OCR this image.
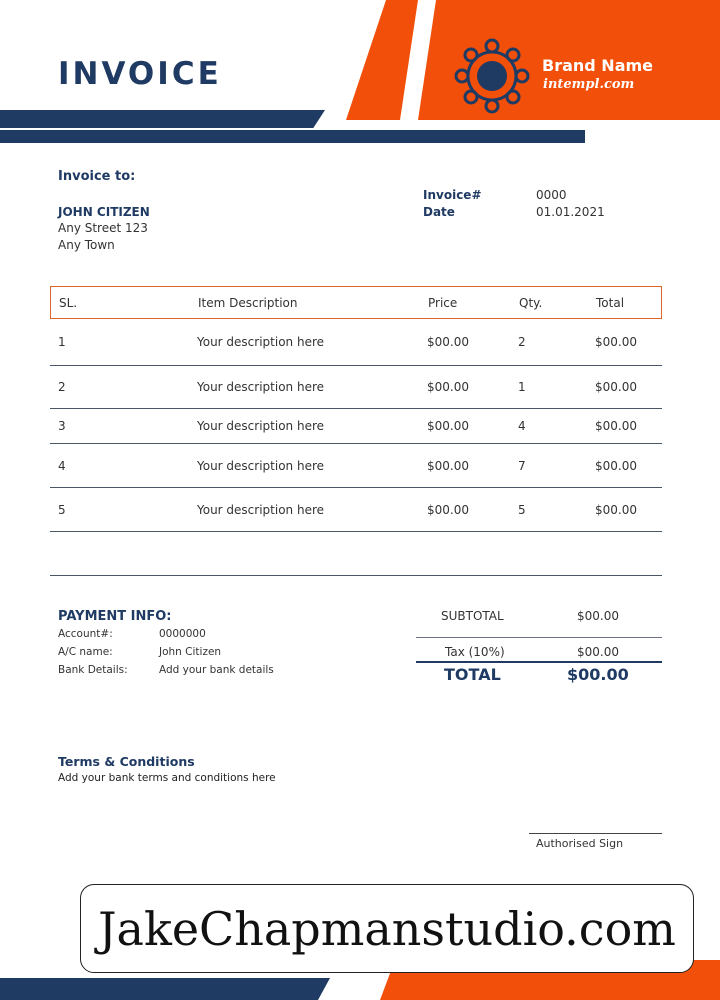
INVOICE	Brand Name
intempl.com
Invoice to:
JOHN CITIZEN
Any Street 123
Any Town
Invoice#	0000
Date	01.01.2021
SL.	Item Description	Price	Qty.	Total
1	Your description here	$00.00	2	$00.00
2	Your description here	$00.00	1	$00.00
3	Your description here	$00.00	4	$00.00
4	Your description here	$00.00	7	$00.00
5	Your description here	$00.00	5	$00.00
PAYMENT INFO:
Account#:	0000000
A/C name:	John Citizen
Bank Details:	Add your bank details
SUBTOTAL	$00.00
Tax (10%)	$00.00
TOTAL	$00.00
Terms & Conditions
Add your bank terms and conditions here
Authorised Sign
JakeChapmanstudio.com
